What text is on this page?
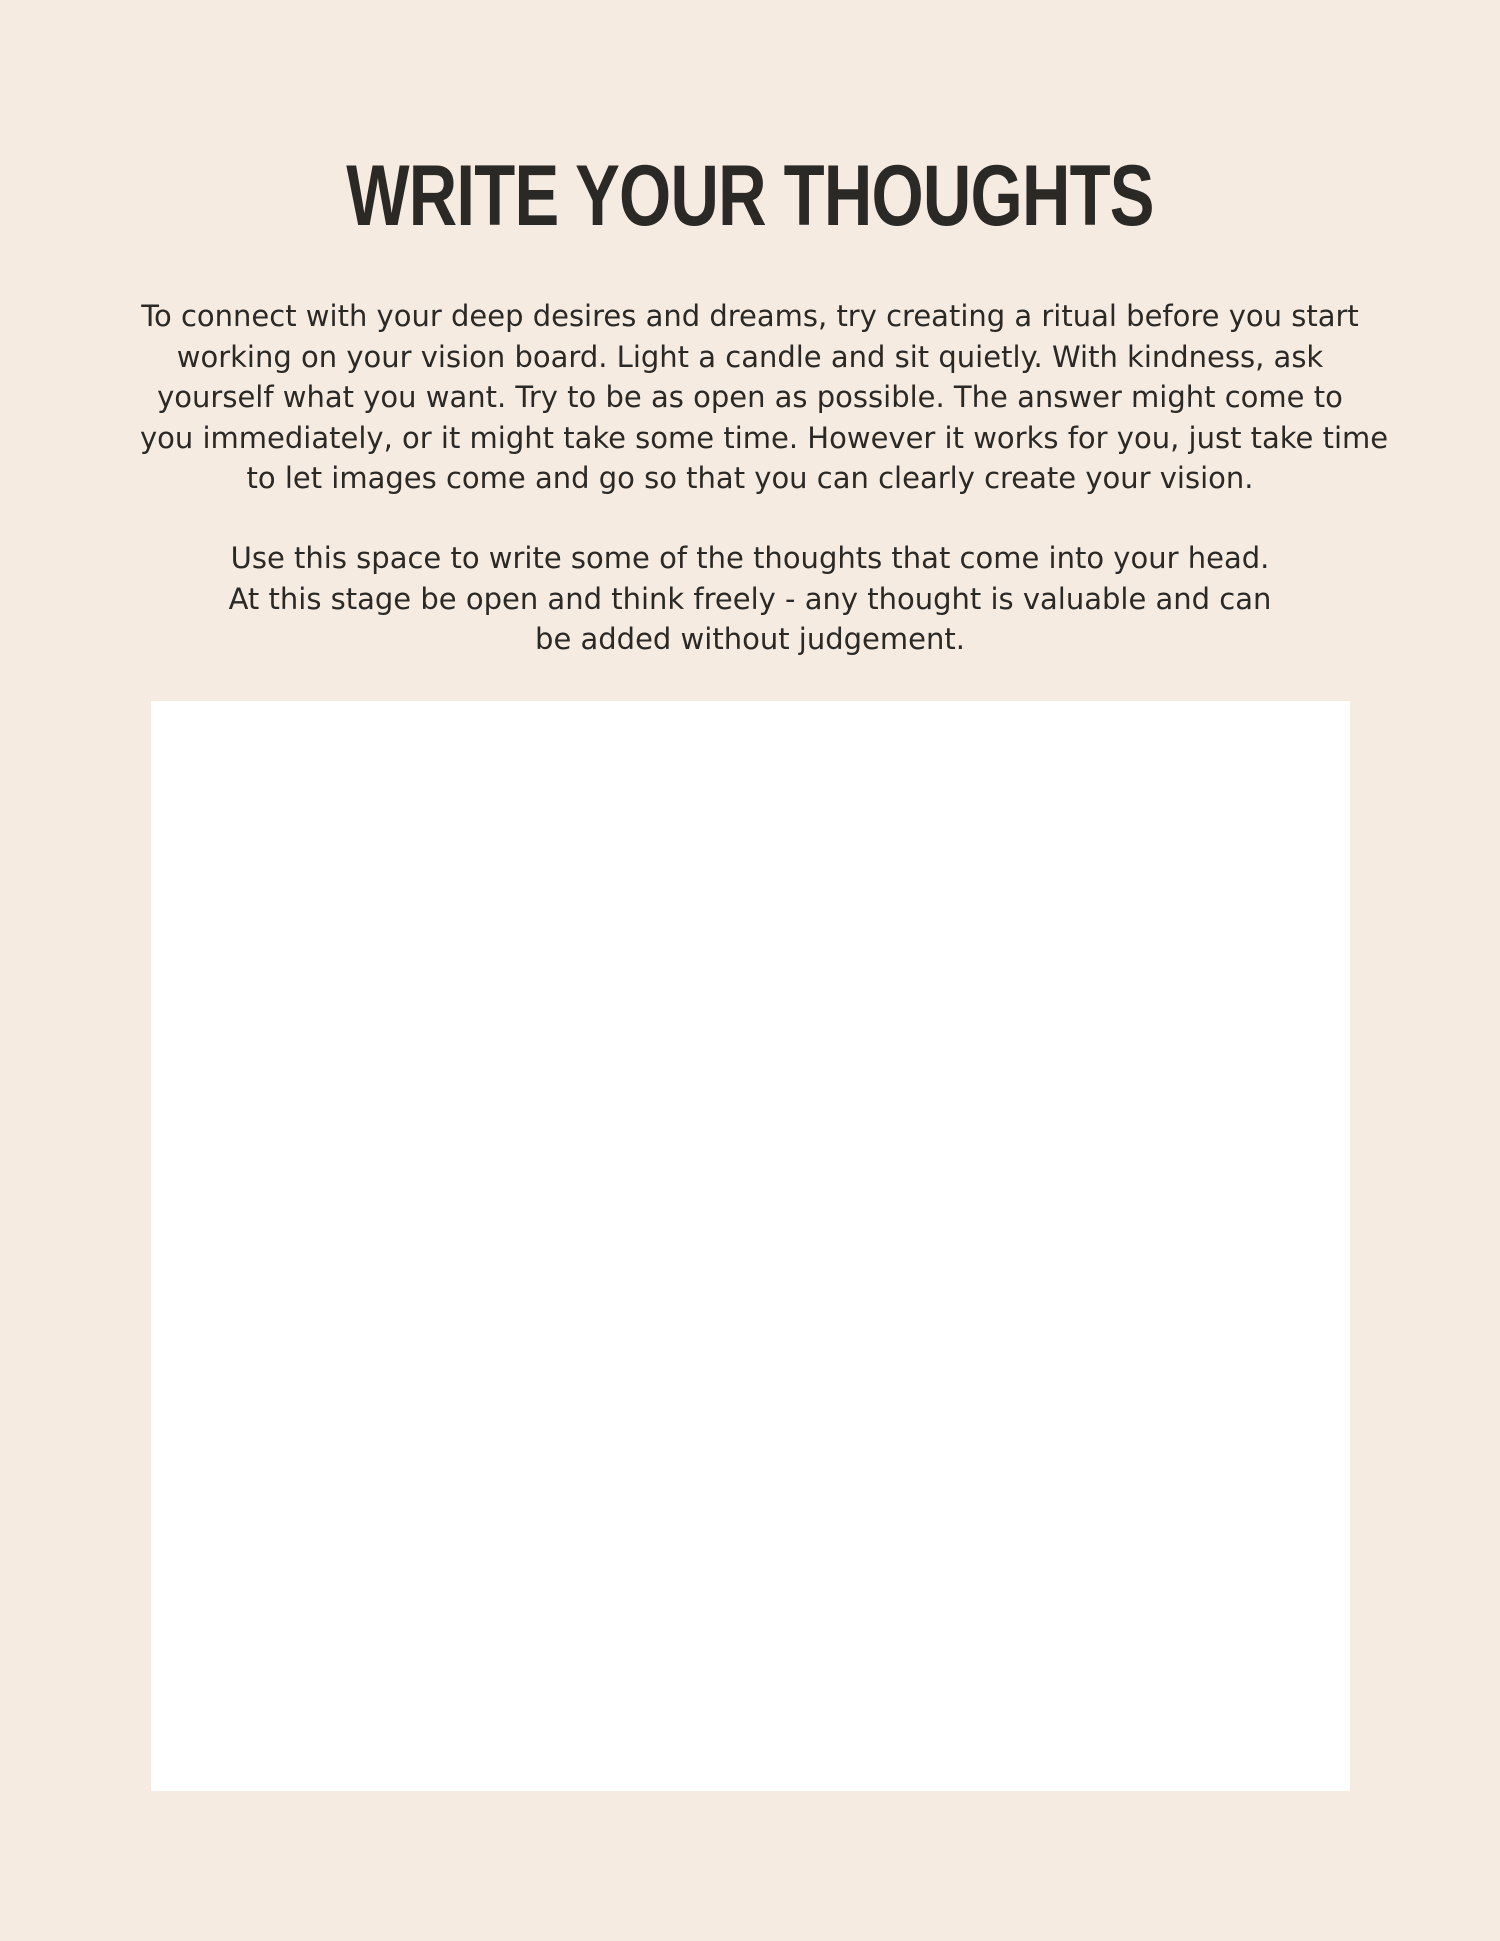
WRITE YOUR THOUGHTS

To connect with your deep desires and dreams, try creating a ritual before you start
working on your vision board. Light a candle and sit quietly. With kindness, ask
yourself what you want. Try to be as open as possible. The answer might come to
you immediately, or it might take some time. However it works for you, just take time
to let images come and go so that you can clearly create your vision.

Use this space to write some of the thoughts that come into your head.
At this stage be open and think freely - any thought is valuable and can
be added without judgement.
